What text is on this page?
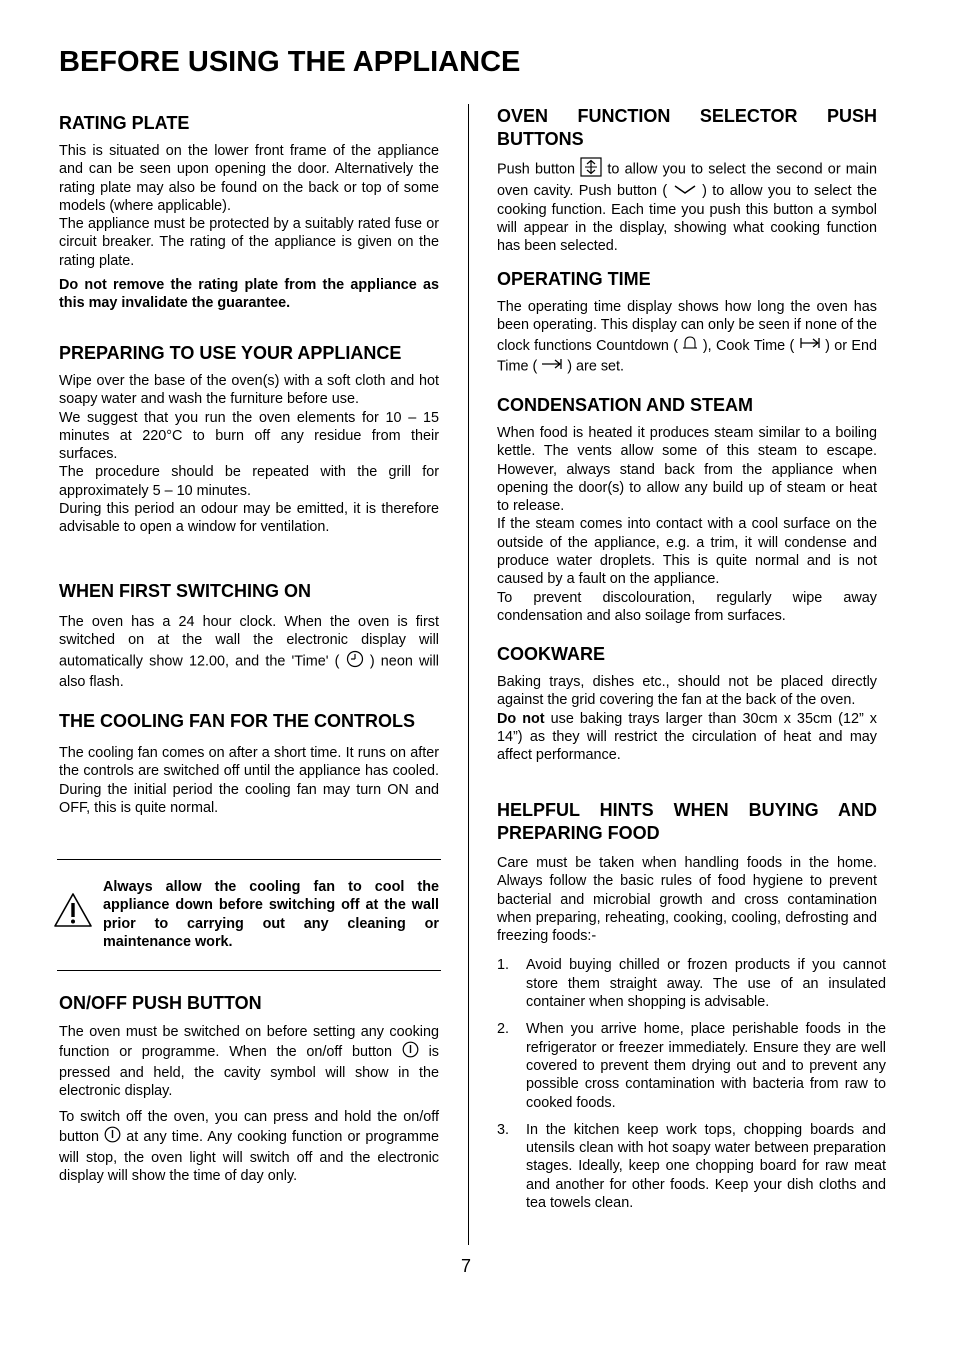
BEFORE USING THE APPLIANCE
RATING PLATE

This is situated on the lower front frame of the appliance and can be seen upon opening the door. Alternatively the rating plate may also be found on the back or top of some models (where applicable).

The appliance must be protected by a suitably rated fuse or circuit breaker. The rating of the appliance is given on the rating plate.

Do not remove the rating plate from the appliance as this may invalidate the guarantee.

PREPARING TO USE YOUR APPLIANCE

Wipe over the base of the oven(s) with a soft cloth and hot soapy water and wash the furniture before use.

We suggest that you run the oven elements for 10 – 15 minutes at 220°C to burn off any residue from their surfaces.

The procedure should be repeated with the grill for approximately 5 – 10 minutes.

During this period an odour may be emitted, it is therefore advisable to open a window for ventilation.

WHEN FIRST SWITCHING ON

The oven has a 24 hour clock. When the oven is first switched on at the wall the electronic display will automatically show 12.00, and the 'Time' ( ) neon will also flash.

THE COOLING FAN FOR THE CONTROLS

The cooling fan comes on after a short time. It runs on after the controls are switched off until the appliance has cooled. During the initial period the cooling fan may turn ON and OFF, this is quite normal.

Always allow the cooling fan to cool the appliance down before switching off at the wall prior to carrying out any cleaning or maintenance work.
ON/OFF PUSH BUTTON

The oven must be switched on before setting any cooking function or programme. When the on/off button	is pressed and held, the cavity symbol will show in the electronic display.

To switch off the oven, you can press and hold the on/off button at any time. Any cooking function or programme will stop, the oven light will switch off and the electronic display will show the time of day only.

OVEN FUNCTION SELECTOR PUSH BUTTONS

Push button to allow you to select the second or main oven cavity. Push button ( ) to allow you to select the cooking function. Each time you push this button a symbol will appear in the display, showing what cooking function has been selected.

OPERATING TIME

The operating time display shows how long the oven has been operating. This display can only be seen if none of the clock functions Countdown ( ), Cook Time ( ) or End Time ( ) are set.

CONDENSATION AND STEAM

When food is heated it produces steam similar to a boiling kettle. The vents allow some of this steam to escape. However, always stand back from the appliance when opening the door(s) to allow any build up of steam or heat to release.

If the steam comes into contact with a cool surface on the outside of the appliance, e.g. a trim, it will condense and produce water droplets. This is quite normal and is not caused by a fault on the appliance.

To prevent discolouration, regularly wipe away condensation and also soilage from surfaces.

COOKWARE

Baking trays, dishes etc., should not be placed directly against the grid covering the fan at the back of the oven.

Do not use baking trays larger than 30cm x 35cm (12” x 14”) as they will restrict the circulation of heat and may affect performance.

HELPFUL HINTS WHEN BUYING AND PREPARING FOOD

Care must be taken when handling foods in the home. Always follow the basic rules of food hygiene to prevent bacterial and microbial growth and cross contamination when preparing, reheating, cooking, cooling, defrosting and freezing foods:-

1. Avoid buying chilled or frozen products if you cannot store them straight away. The use of an insulated container when shopping is advisable.
2. When you arrive home, place perishable foods in the refrigerator or freezer immediately. Ensure they are well covered to prevent them drying out and to prevent any possible cross contamination with bacteria from raw to cooked foods.
3. In the kitchen keep work tops, chopping boards and utensils clean with hot soapy water between preparation stages. Ideally, keep one chopping board for raw meat and another for other foods. Keep your dish cloths and tea towels clean.
7
